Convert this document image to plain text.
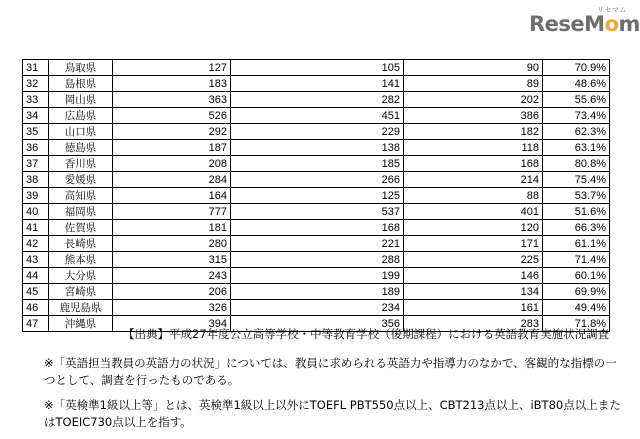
リセマム
ReseMom
31	鳥取県	127	105	90	70.9%
32	島根県	183	141	89	48.6%
33	岡山県	363	282	202	55.6%
34	広島県	526	451	386	73.4%
35	山口県	292	229	182	62.3%
36	徳島県	187	138	118	63.1%
37	香川県	208	185	168	80.8%
38	愛媛県	284	266	214	75.4%
39	高知県	164	125	88	53.7%
40	福岡県	777	537	401	51.6%
41	佐賀県	181	168	120	66.3%
42	長崎県	280	221	171	61.1%
43	熊本県	315	288	225	71.4%
44	大分県	243	199	146	60.1%
45	宮崎県	206	189	134	69.9%
46	鹿児島県	326	234	161	49.4%
47	沖縄県	394	356	283	71.8%
【出典】平成27年度公立高等学校・中等教育学校（後期課程）における英語教育実施状況調査
※「英語担当教員の英語力の状況」については、教員に求められる英語力や指導力のなかで、客観的な指標の一つとして、調査を行ったものである。
※「英検準1級以上等」とは、英検準1級以上以外にTOEFL PBT550点以上、CBT213点以上、iBT80点以上またはTOEIC730点以上を指す。
